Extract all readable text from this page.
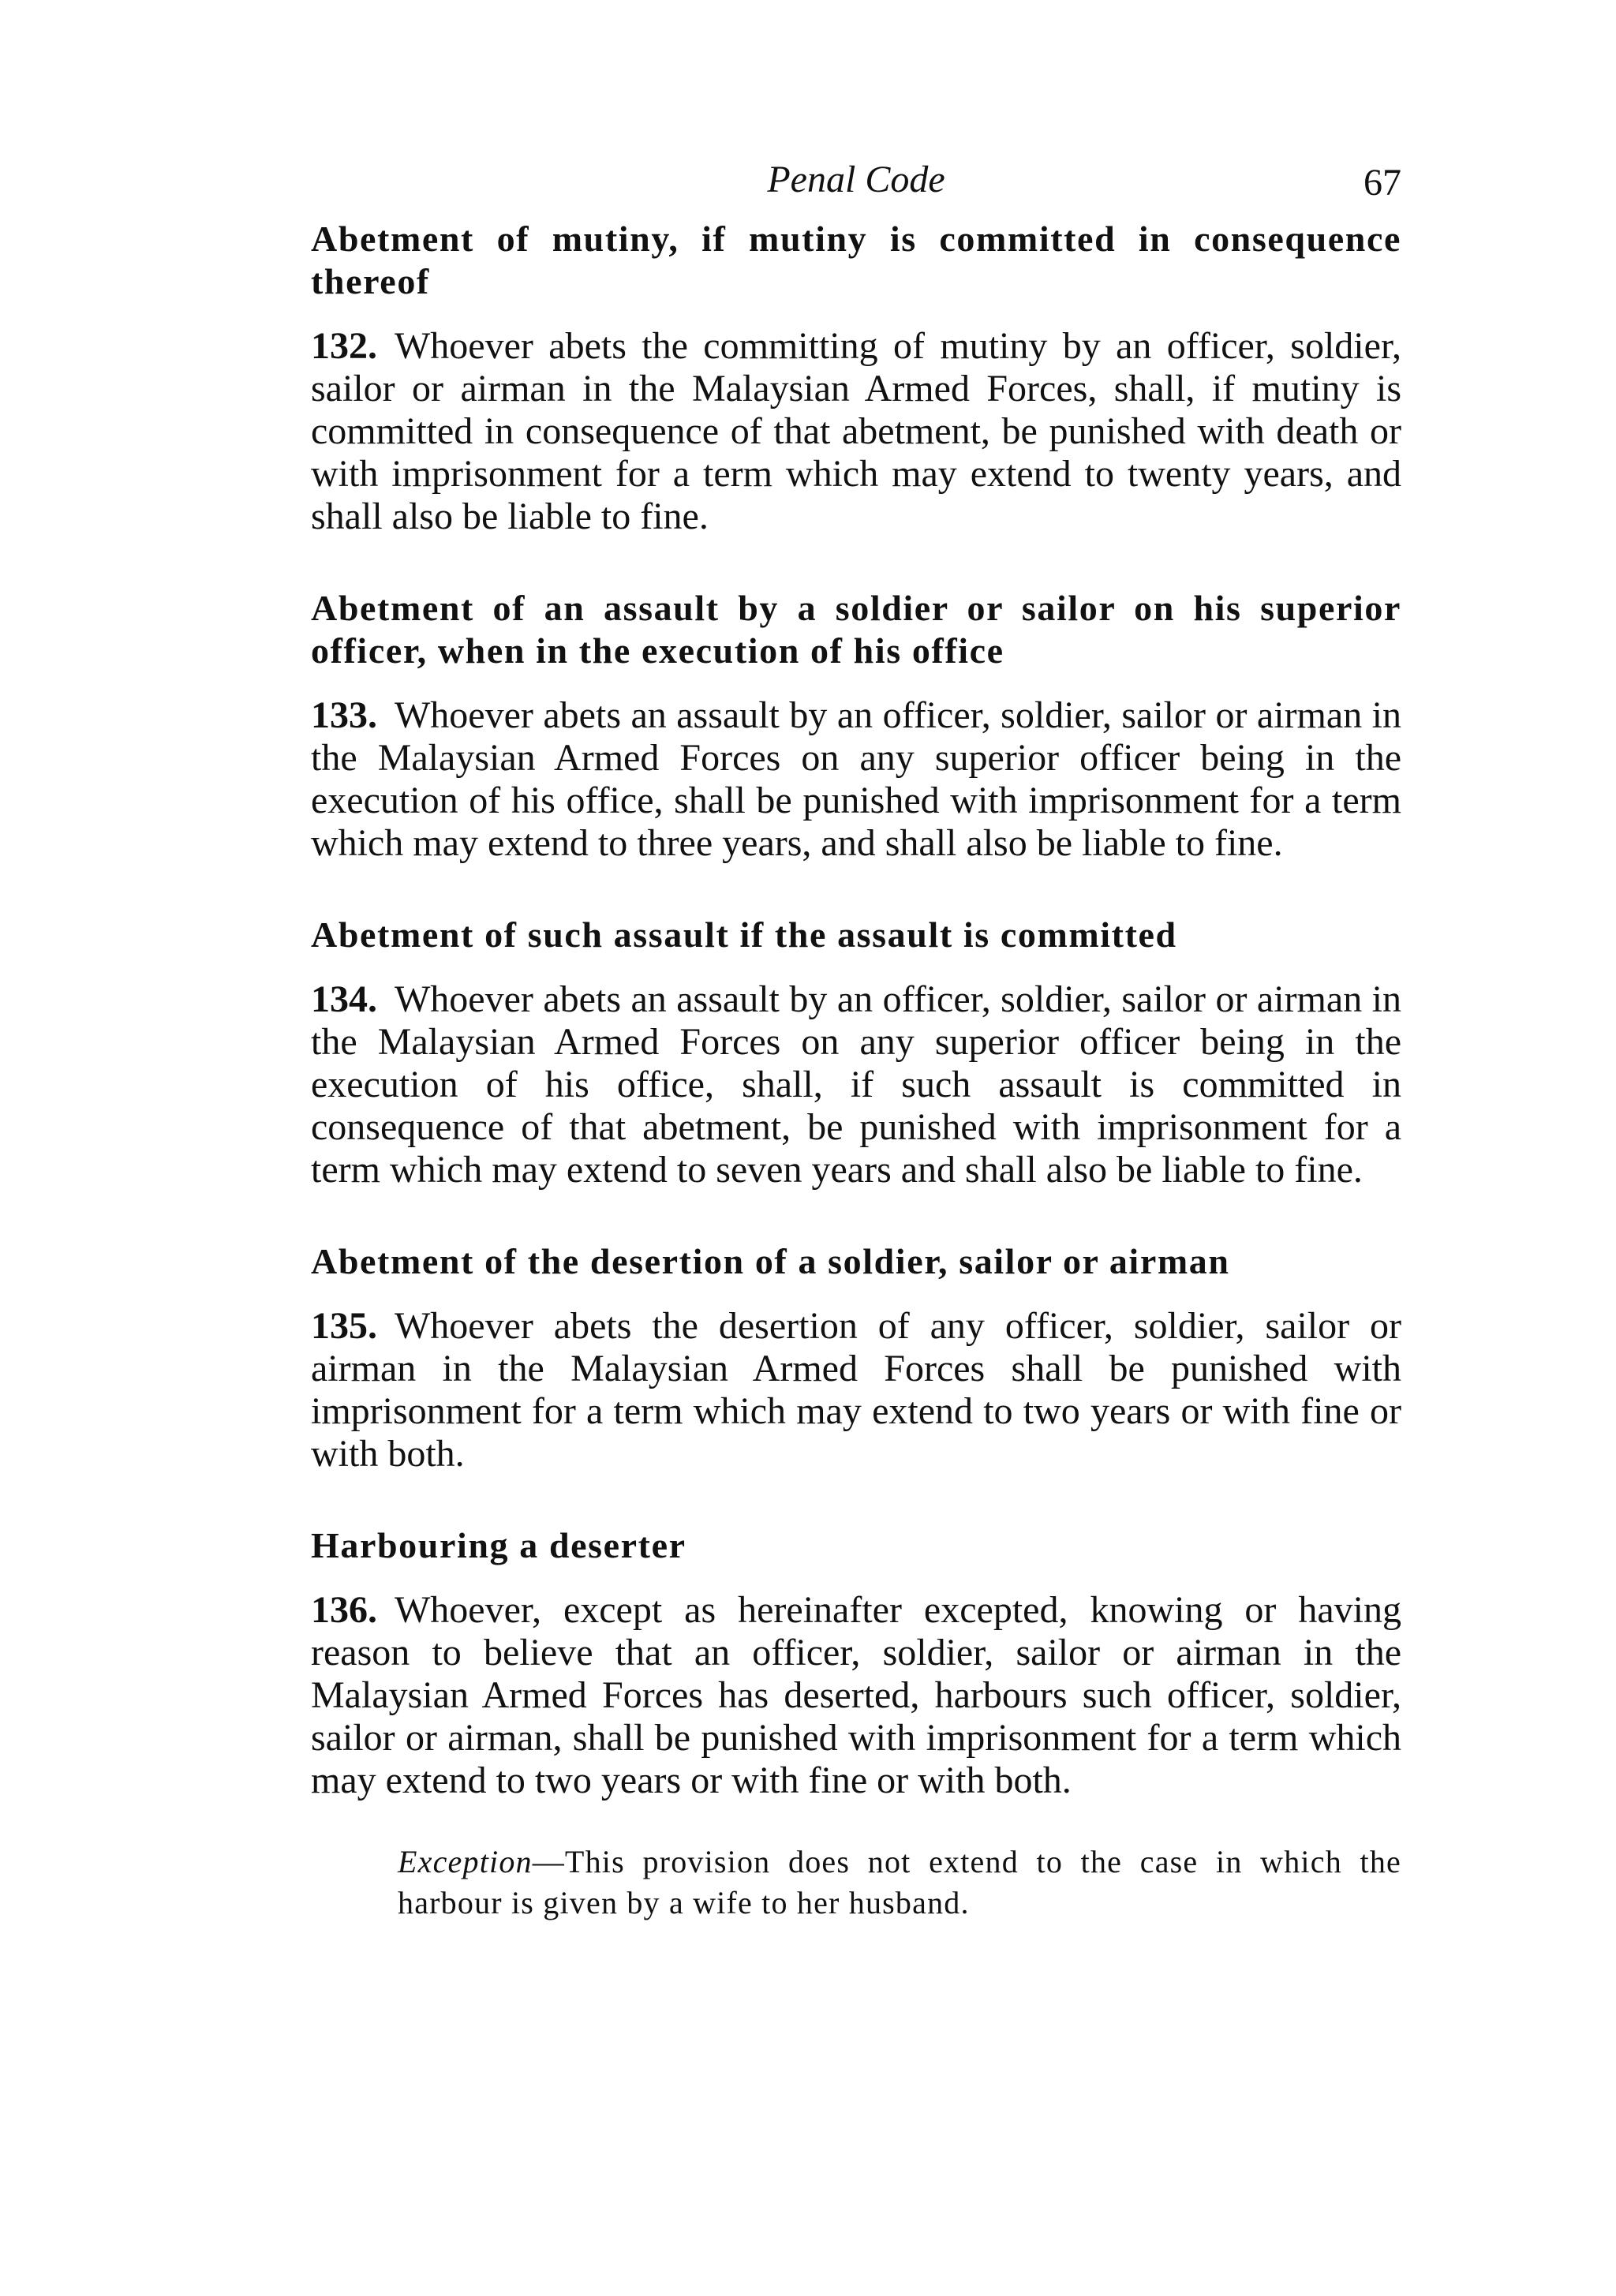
Penal Code	67
Abetment of mutiny, if mutiny is committed in consequence thereof

132. Whoever abets the committing of mutiny by an officer, soldier, sailor or airman in the Malaysian Armed Forces, shall, if mutiny is committed in consequence of that abetment, be punished with death or with imprisonment for a term which may extend to twenty years, and shall also be liable to fine.

Abetment of an assault by a soldier or sailor on his superior officer, when in the execution of his office

133. Whoever abets an assault by an officer, soldier, sailor or airman in the Malaysian Armed Forces on any superior officer being in the execution of his office, shall be punished with imprisonment for a term which may extend to three years, and shall also be liable to fine.

Abetment of such assault if the assault is committed

134. Whoever abets an assault by an officer, soldier, sailor or airman in the Malaysian Armed Forces on any superior officer being in the execution of his office, shall, if such assault is committed in consequence of that abetment, be punished with imprisonment for a term which may extend to seven years and shall also be liable to fine.

Abetment of the desertion of a soldier, sailor or airman

135. Whoever abets the desertion of any officer, soldier, sailor or airman in the Malaysian Armed Forces shall be punished with imprisonment for a term which may extend to two years or with fine or with both.

Harbouring a deserter

136. Whoever, except as hereinafter excepted, knowing or having reason to believe that an officer, soldier, sailor or airman in the Malaysian Armed Forces has deserted, harbours such officer, soldier, sailor or airman, shall be punished with imprisonment for a term which may extend to two years or with fine or with both.

Exception—This provision does not extend to the case in which the harbour is given by a wife to her husband.
